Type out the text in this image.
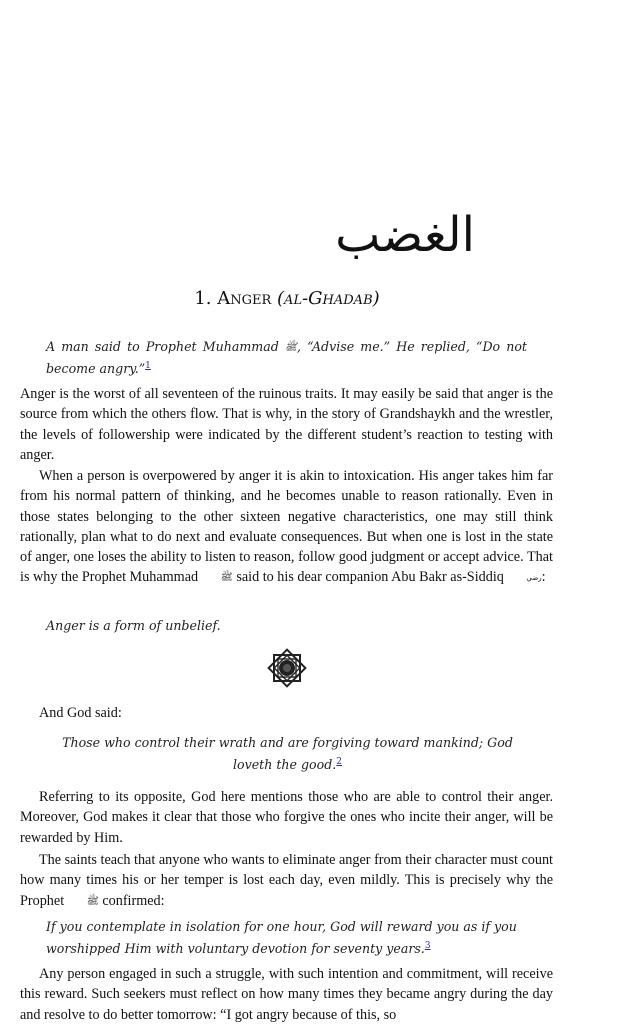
الغضب
1. Anger (al-Ghadab)
A man said to Prophet Muhammad ﷺ, “Advise me.” He replied, “Do not
become angry.”$^1$
Anger is the worst of all seventeen of the ruinous traits. It may easily be said that anger is the source from which the others flow. That is why, in the story of Grandshaykh and the wrestler, the levels of followership were indicated by the different student’s reaction to testing with anger.
When a person is overpowered by anger it is akin to intoxication. His anger takes him far from his normal pattern of thinking, and he becomes unable to reason rationally. Even in those states belonging to the other sixteen negative characteristics, one may still think rationally, plan what to do next and evaluate consequences. But when one is lost in the state of anger, one loses the ability to listen to reason, follow good judgment or accept advice. That is why the Prophet Muhammad ﷺ said to his dear companion Abu Bakr as-Siddiq	رضي:
Anger is a form of unbelief.
And God said:
Those who control their wrath and are forgiving toward mankind; God
loveth the good.$^2$
Referring to its opposite, God here mentions those who are able to control their anger. Moreover, God makes it clear that those who forgive the ones who incite their anger, will be rewarded by Him.
The saints teach that anyone who wants to eliminate anger from their character must count how many times his or her temper is lost each day, even mildly. This is precisely why the Prophet ﷺ confirmed:
If you contemplate in isolation for one hour, God will reward you as if you
worshipped Him with voluntary devotion for seventy years.$^3$
Any person engaged in such a struggle, with such intention and commitment, will receive this reward. Such seekers must reflect on how many times they became angry during the day and resolve to do better tomorrow: “I got angry because of this, so
